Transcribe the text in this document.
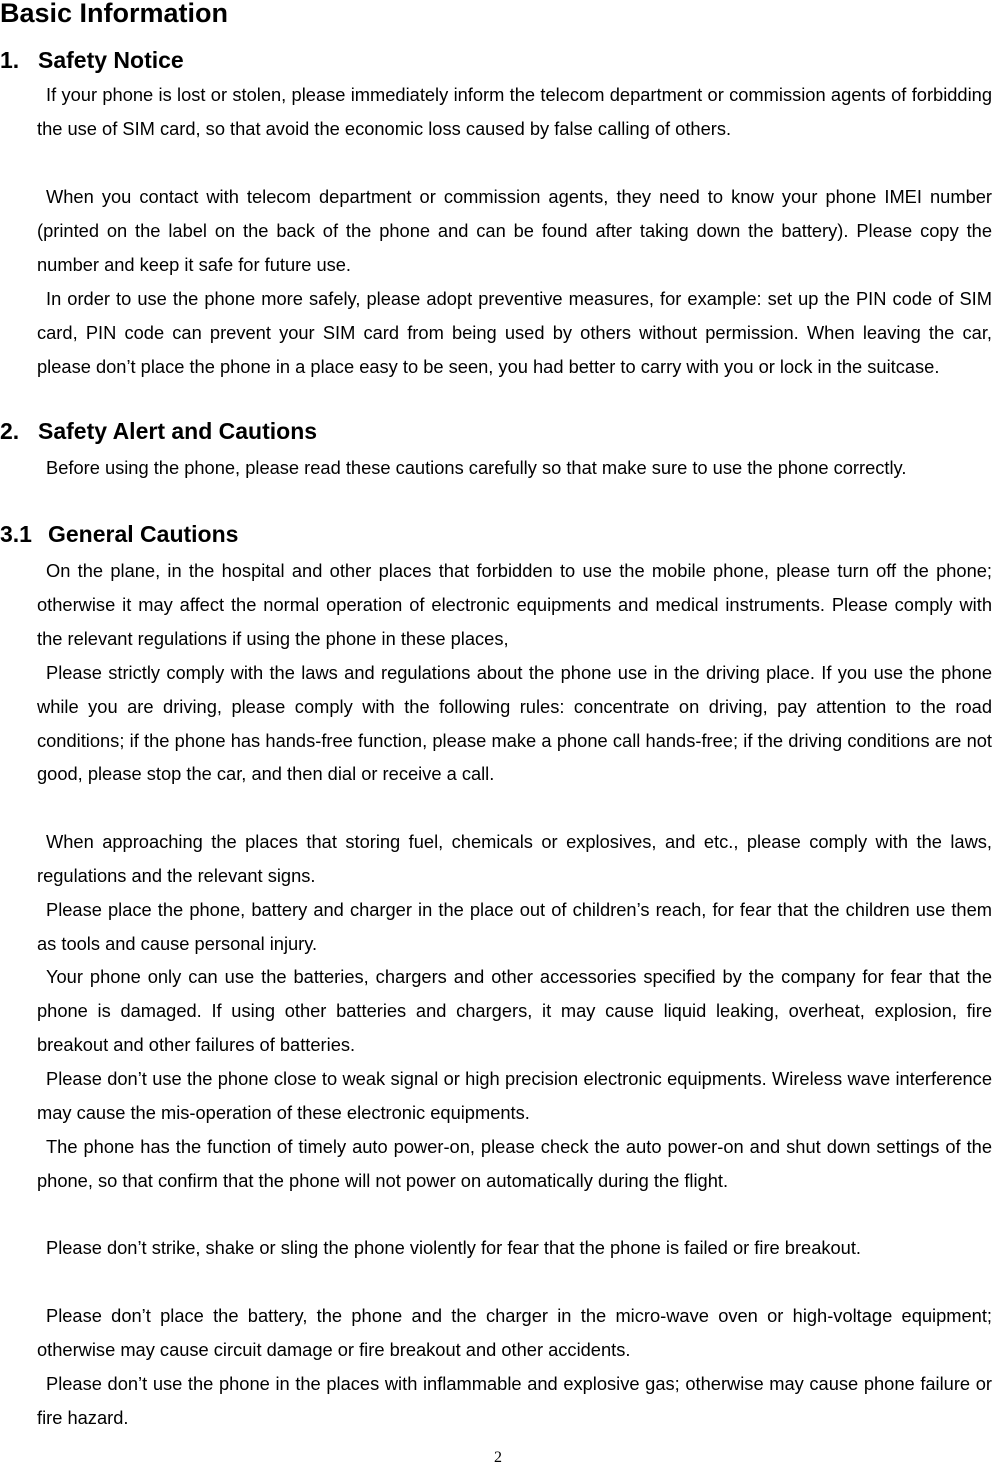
Basic Information
1. Safety Notice

If your phone is lost or stolen, please immediately inform the telecom department or commission agents of forbidding the use of SIM card, so that avoid the economic loss caused by false calling of others.

When you contact with telecom department or commission agents, they need to know your phone IMEI number (printed on the label on the back of the phone and can be found after taking down the battery). Please copy the number and keep it safe for future use.

In order to use the phone more safely, please adopt preventive measures, for example: set up the PIN code of SIM card, PIN code can prevent your SIM card from being used by others without permission. When leaving the car, please don’t place the phone in a place easy to be seen, you had better to carry with you or lock in the suitcase.

2. Safety Alert and Cautions

Before using the phone, please read these cautions carefully so that make sure to use the phone correctly.

3.1 General Cautions

On the plane, in the hospital and other places that forbidden to use the mobile phone, please turn off the phone; otherwise it may affect the normal operation of electronic equipments and medical instruments. Please comply with the relevant regulations if using the phone in these places,

Please strictly comply with the laws and regulations about the phone use in the driving place. If you use the phone while you are driving, please comply with the following rules: concentrate on driving, pay attention to the road conditions; if the phone has hands-free function, please make a phone call hands-free; if the driving conditions are not good, please stop the car, and then dial or receive a call.

When approaching the places that storing fuel, chemicals or explosives, and etc., please comply with the laws, regulations and the relevant signs.

Please place the phone, battery and charger in the place out of children’s reach, for fear that the children use them as tools and cause personal injury.

Your phone only can use the batteries, chargers and other accessories specified by the company for fear that the phone is damaged. If using other batteries and chargers, it may cause liquid leaking, overheat, explosion, fire breakout and other failures of batteries.

Please don’t use the phone close to weak signal or high precision electronic equipments. Wireless wave interference may cause the mis-operation of these electronic equipments.

The phone has the function of timely auto power-on, please check the auto power-on and shut down settings of the phone, so that confirm that the phone will not power on automatically during the flight.

Please don’t strike, shake or sling the phone violently for fear that the phone is failed or fire breakout.

Please don’t place the battery, the phone and the charger in the micro-wave oven or high-voltage equipment; otherwise may cause circuit damage or fire breakout and other accidents.

Please don’t use the phone in the places with inflammable and explosive gas; otherwise may cause phone failure or fire hazard.

2
